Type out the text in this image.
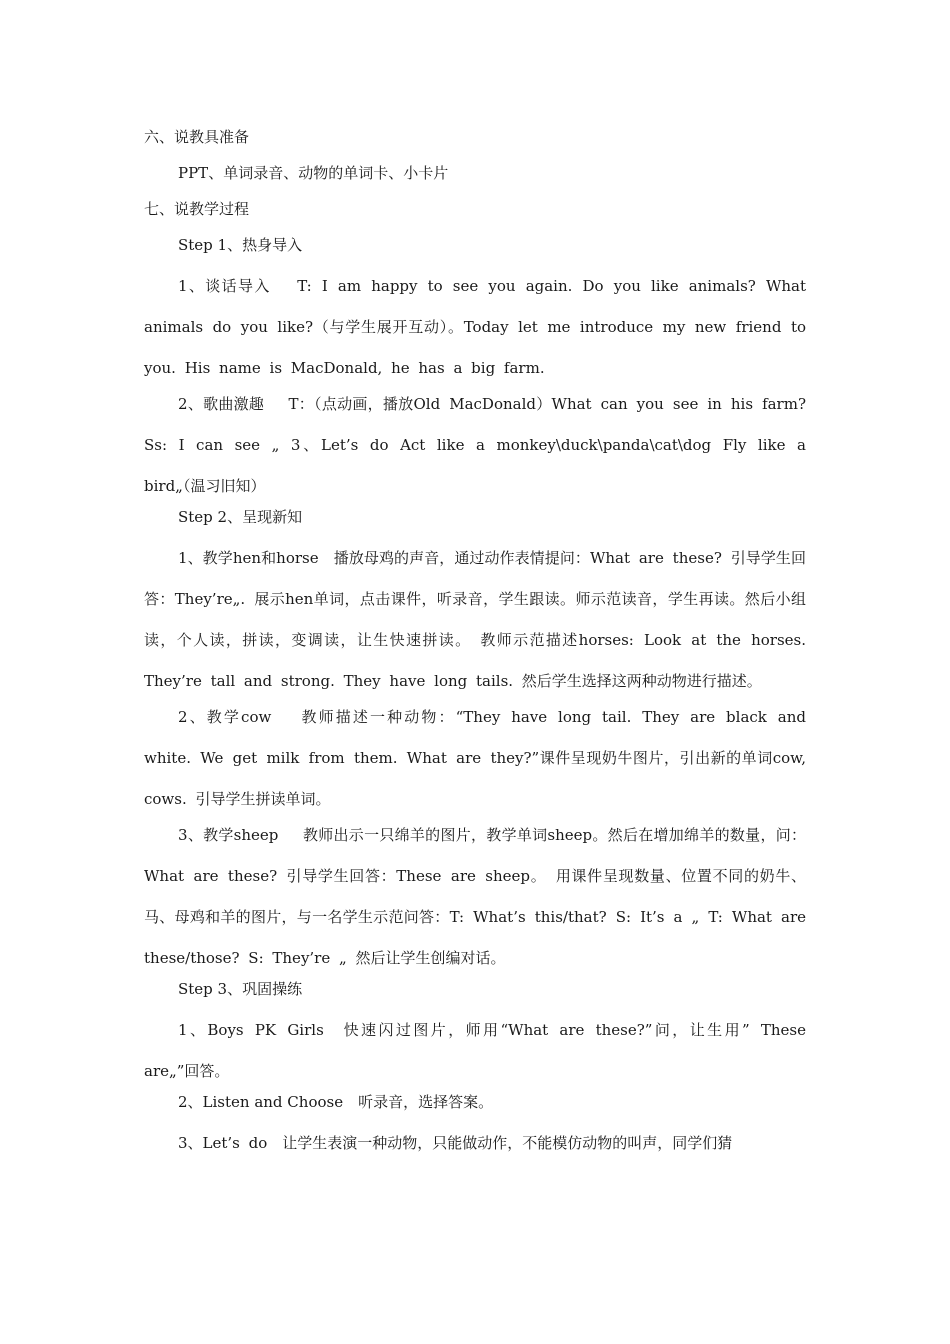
六、说教具准备
PPT、单词录音、动物的单词卡、小卡片
七、说教学过程
Step 1、热身导入
1、谈话导入　 T: I am happy to see you again. Do you like animals? What animals do you like?（与学生展开互动）。Today let me introduce my new friend to you. His name is MacDonald, he has a big farm.
2、歌曲激趣　 T：（点动画，播放Old MacDonald）What can you see in his farm? Ss: I can see „ 3、Let’s do Act like a monkey\duck\panda\cat\dog Fly like a bird„（温习旧知）
Step 2、呈现新知
1、教学hen和horse　播放母鸡的声音，通过动作表情提问：What are these? 引导学生回答：They’re„. 展示hen单词，点击课件，听录音，学生跟读。师示范读音，学生再读。然后小组读，个人读，拼读，变调读，让生快速拼读。　教师示范描述horses: Look at the horses. They’re tall and strong. They have long tails. 然后学生选择这两种动物进行描述。
2、教学cow　 教师描述一种动物：“They have long tail. They are black and white. We get milk from them. What are they?”课件呈现奶牛图片，引出新的单词cow, cows. 引导学生拼读单词。
3、教学sheep　 教师出示一只绵羊的图片，教学单词sheep。然后在增加绵羊的数量，问：What are these? 引导学生回答：These are sheep。 用课件呈现数量、位置不同的奶牛、马、母鸡和羊的图片，与一名学生示范问答：T: What’s this/that? S: It’s a „ T: What are these/those? S: They’re „ 然后让学生创编对话。
Step 3、巩固操练
1、Boys PK Girls　快速闪过图片，师用“What are these?”问，让生用” These are„”回答。
2、Listen and Choose　听录音，选择答案。
3、Let’s do　让学生表演一种动物，只能做动作，不能模仿动物的叫声，同学们猜
